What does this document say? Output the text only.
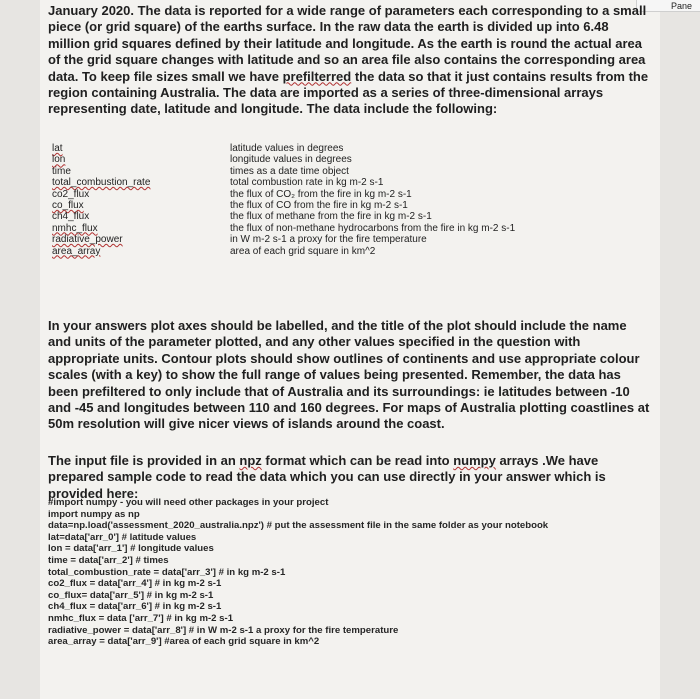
Pane

January 2020. The data is reported for a wide range of parameters each corresponding to a small piece (or grid square) of the earths surface. In the raw data the earth is divided up into 6.48 million grid squares defined by their latitude and longitude. As the earth is round the actual area of the grid square changes with latitude and so an area file also contains the corresponding area data. To keep file sizes small we have prefilterred the data so that it just contains results from the region containing Australia. The data are imported as a series of three-dimensional arrays representing date, latitude and longitude. The data include the following:

lat	latitude values in degrees
lon	longitude values in degrees
time	times as a date time object
total_combustion_rate	total combustion rate in kg m-2 s-1
co2_flux	the flux of CO₂ from the fire in kg m-2 s-1
co_flux	the flux of CO from the fire in kg m-2 s-1
ch4_flux	the flux of methane from the fire in kg m-2 s-1
nmhc_flux	the flux of non-methane hydrocarbons from the fire in kg m-2 s-1
radiative_power	in W m-2 s-1 a proxy for the fire temperature
area_array	area of each grid square in km^2

In your answers plot axes should be labelled, and the title of the plot should include the name and units of the parameter plotted, and any other values specified in the question with appropriate units. Contour plots should show outlines of continents and use appropriate colour scales (with a key) to show the full range of values being presented. Remember, the data has been prefiltered to only include that of Australia and its surroundings: ie latitudes between -10 and -45 and longitudes between 110 and 160 degrees. For maps of Australia plotting coastlines at 50m resolution will give nicer views of islands around the coast.

The input file is provided in an npz format which can be read into numpy arrays .We have prepared sample code to read the data which you can use directly in your answer which is provided here:

#import numpy - you will need other packages in your project
import numpy as np
data=np.load('assessment_2020_australia.npz') # put the assessment file in the same folder as your notebook
lat=data['arr_0'] # latitude values
lon = data['arr_1'] # longitude values
time = data['arr_2'] # times
total_combustion_rate = data['arr_3'] # in kg m-2 s-1
co2_flux = data['arr_4'] # in kg m-2 s-1
co_flux= data['arr_5'] # in kg m-2 s-1
ch4_flux = data['arr_6'] # in kg m-2 s-1
nmhc_flux = data ['arr_7'] # in kg m-2 s-1
radiative_power = data['arr_8'] # in W m-2 s-1 a proxy for the fire temperature
area_array = data['arr_9'] #area of each grid square in km^2
